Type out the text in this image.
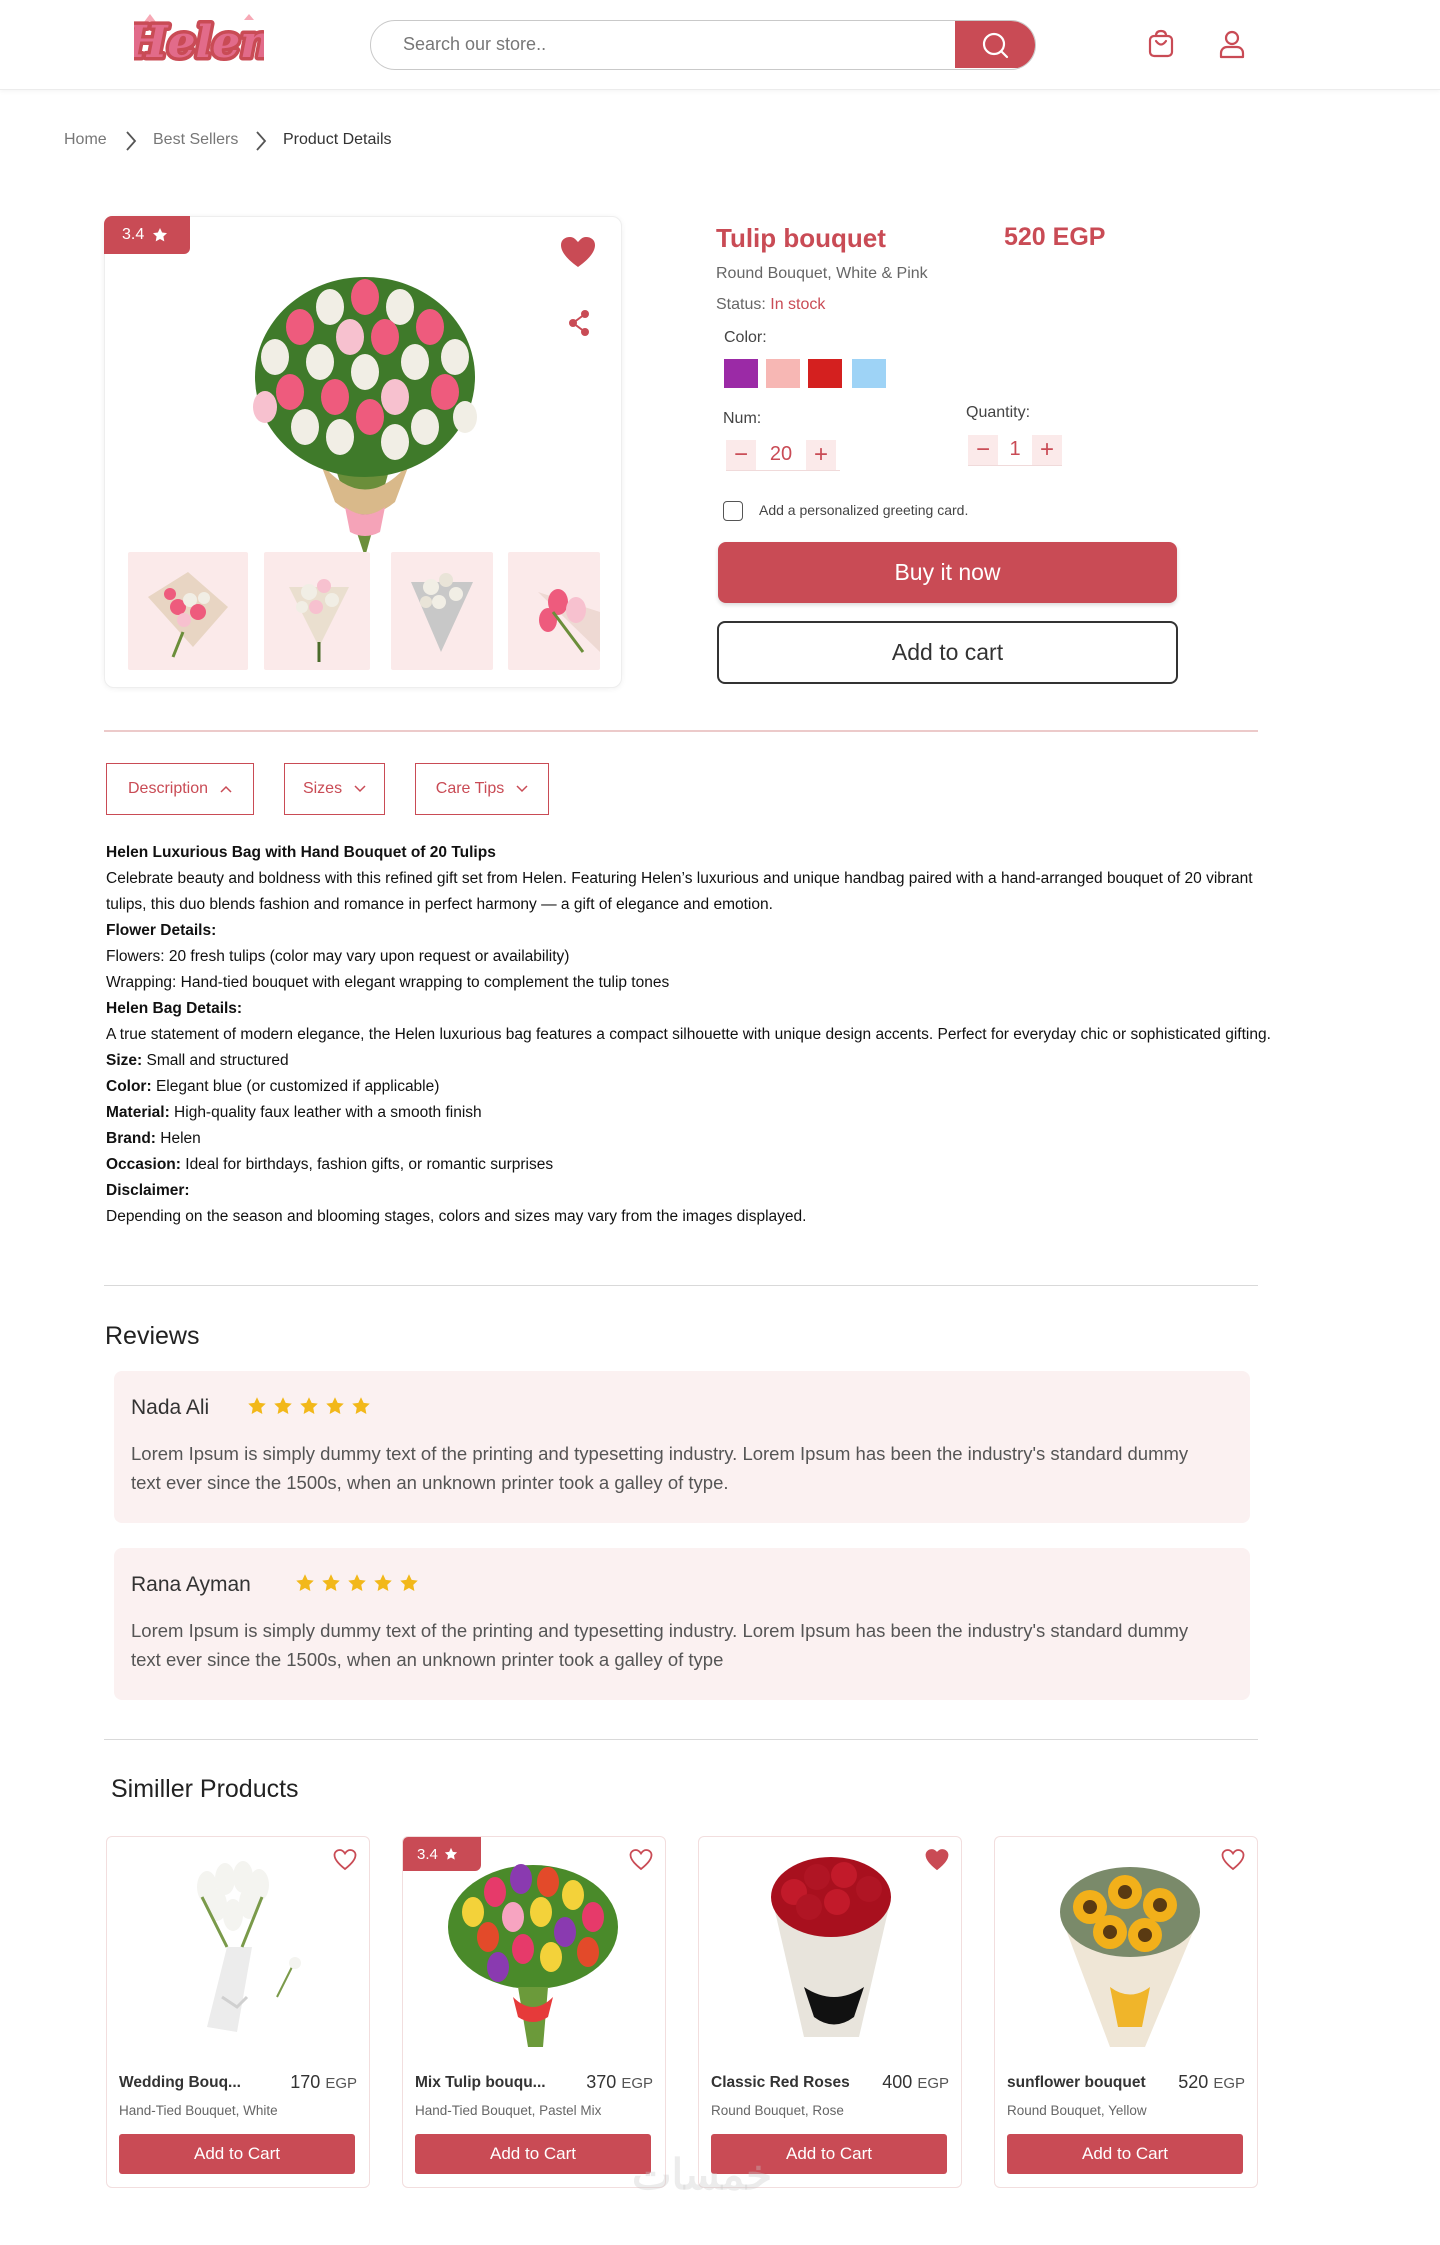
ele
ele
Search our store..
Home	Best Sellers	Product Details
3.4	Tulip bouquet	520 EGP
Round Bouquet, White & Pink
Status: In stock
Color:
Num:
−	20 +
Quantity:
− 1 +
Add a personalized greeting card.
Buy it now
Add to cart
Description	Sizes	Care Tips

Helen Luxurious Bag with Hand Bouquet of 20 Tulips

Celebrate beauty and boldness with this refined gift set from Helen. Featuring Helen’s luxurious and unique handbag paired with a hand-arranged bouquet of 20 vibrant tulips, this duo blends fashion and romance in perfect harmony — a gift of elegance and emotion.

Flower Details:

Flowers: 20 fresh tulips (color may vary upon request or availability)

Wrapping: Hand-tied bouquet with elegant wrapping to complement the tulip tones

Helen Bag Details:

A true statement of modern elegance, the Helen luxurious bag features a compact silhouette with unique design accents. Perfect for everyday chic or sophisticated gifting.

Size: Small and structured

Color: Elegant blue (or customized if applicable)

Material: High-quality faux leather with a smooth finish

Brand: Helen

Occasion: Ideal for birthdays, fashion gifts, or romantic surprises

Disclaimer:

Depending on the season and blooming stages, colors and sizes may vary from the images displayed.

Reviews
Nada Ali
Lorem Ipsum is simply dummy text of the printing and typesetting industry. Lorem Ipsum has been the industry's standard dummy text ever since the 1500s, when an unknown printer took a galley of type.
Rana Ayman
Lorem Ipsum is simply dummy text of the printing and typesetting industry. Lorem Ipsum has been the industry's standard dummy text ever since the 1500s, when an unknown printer took a galley of type
Similler Products
Wedding Bouq...	170 EGP
Hand-Tied Bouquet, White
Add to Cart
3.4
Mix Tulip bouqu... 370 EGP
Hand-Tied Bouquet, Pastel Mix
Add to Cart
Classic Red Roses 400 EGP
Round Bouquet, Rose
Add to Cart
sunflower bouquet 520 EGP
Round Bouquet, Yellow
Add to Cart
خمسات
